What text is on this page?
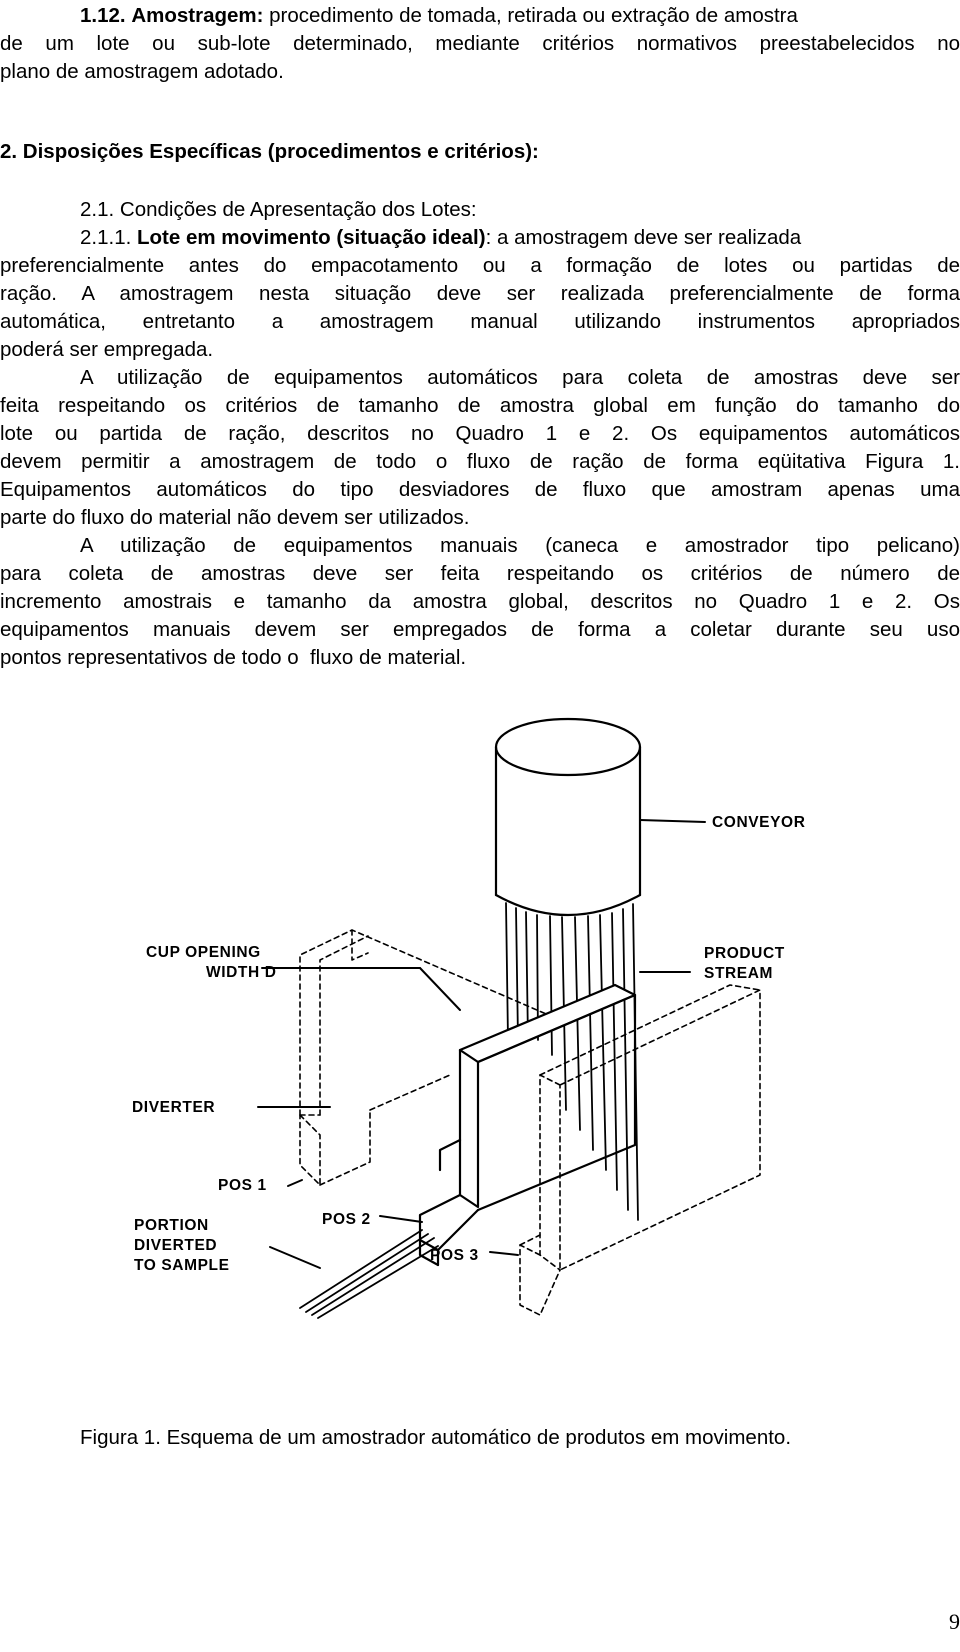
1.12. Amostragem: procedimento de tomada, retirada ou extração de amostra
de um lote ou sub-lote determinado, mediante critérios normativos preestabelecidos no
plano de amostragem adotado.
2. Disposições Específicas (procedimentos e critérios):
2.1. Condições de Apresentação dos Lotes:
2.1.1. Lote em movimento (situação ideal): a amostragem deve ser realizada
preferencialmente antes do empacotamento ou a formação de lotes ou partidas de
ração. A amostragem nesta situação deve ser realizada preferencialmente de forma
automática, entretanto a amostragem manual utilizando instrumentos apropriados
poderá ser empregada.
A utilização de equipamentos automáticos para coleta de amostras deve ser
feita respeitando os critérios de tamanho de amostra global em função do tamanho do
lote ou partida de ração, descritos no Quadro 1 e 2. Os equipamentos automáticos
devem permitir a amostragem de todo o fluxo de ração de forma eqüitativa Figura 1.
Equipamentos automáticos do tipo desviadores de fluxo que amostram apenas uma
parte do fluxo do material não devem ser utilizados.
A utilização de equipamentos manuais (caneca e amostrador tipo pelicano)
para coleta de amostras deve ser feita respeitando os critérios de número de
incremento amostrais e tamanho da amostra global, descritos no Quadro 1 e 2. Os
equipamentos manuais devem ser empregados de forma a coletar durante seu uso
pontos representativos de todo o  fluxo de material.
CONVEYOR
CUP OPENING
WIDTH D
PRODUCT
STREAM
DIVERTER
POS 1
POS 2
POS 3
PORTION
DIVERTED
TO SAMPLE
Figura 1. Esquema de um amostrador automático de produtos em movimento.
9
